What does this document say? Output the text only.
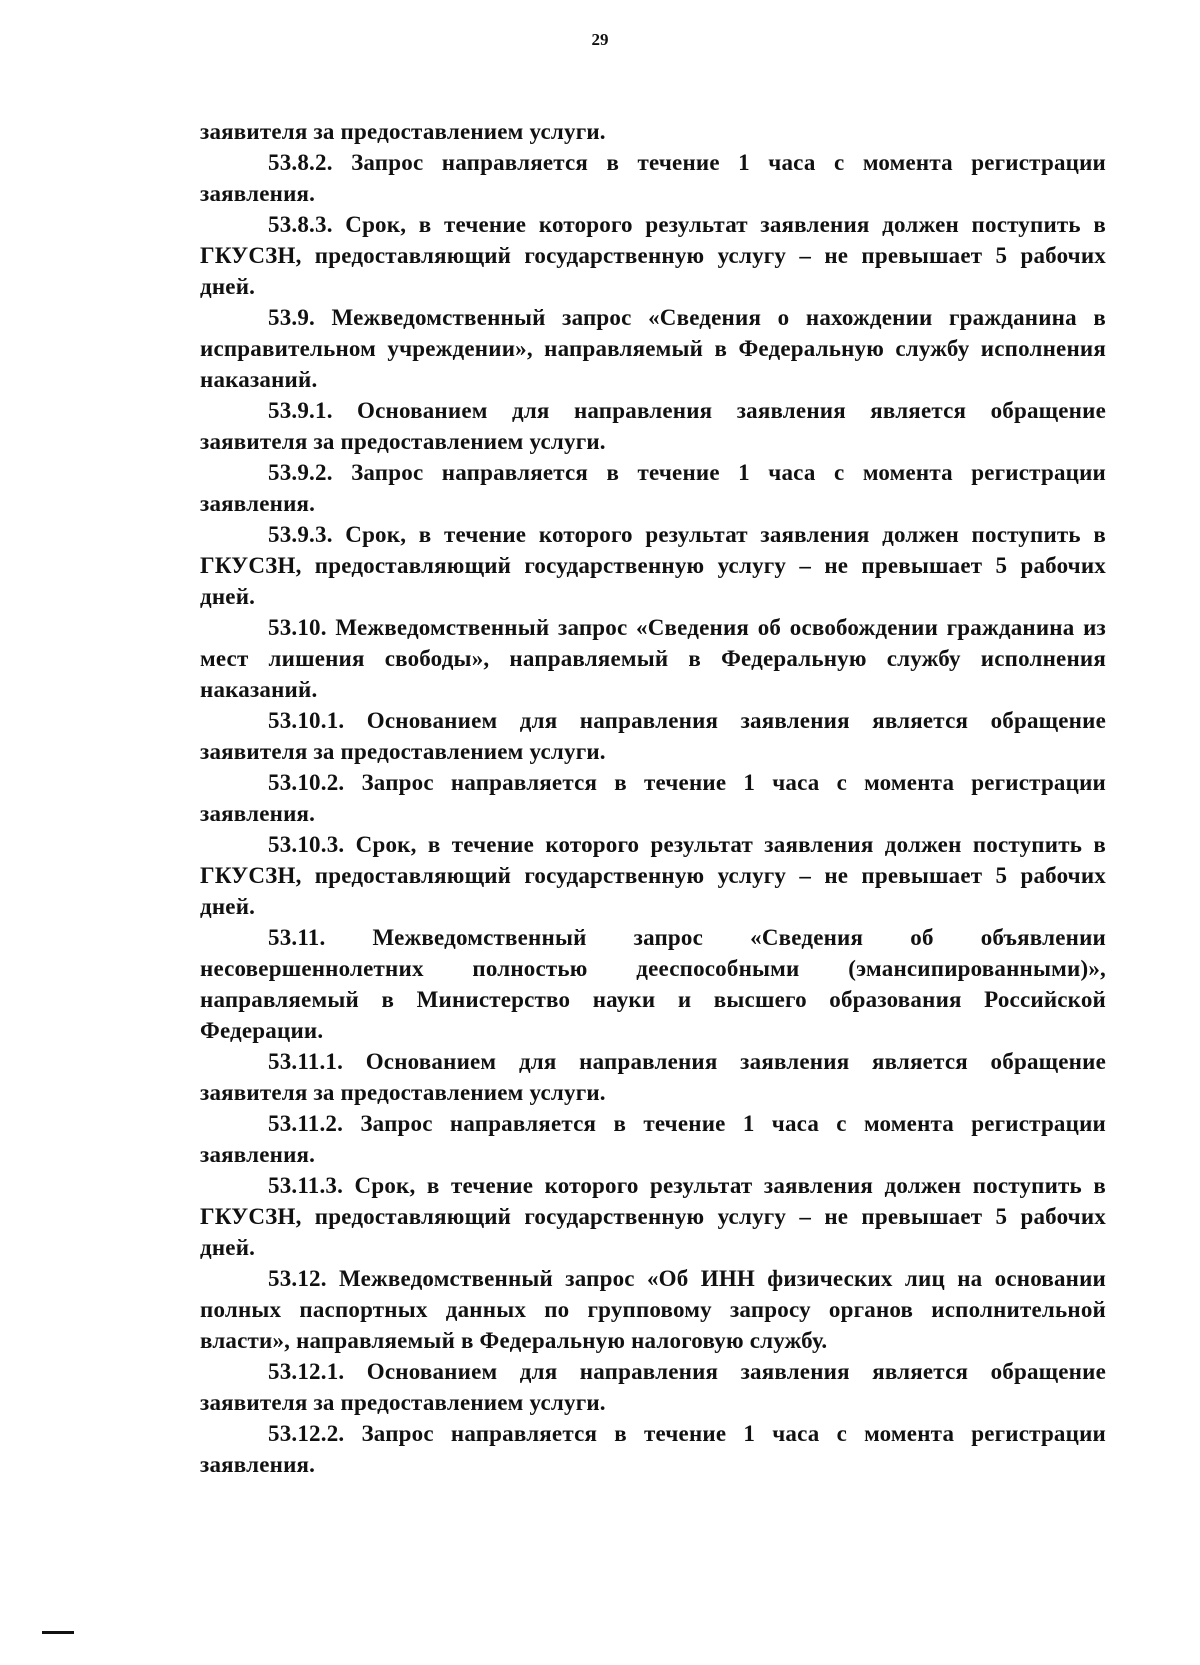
29

заявителя за предоставлением услуги.

53.8.2. Запрос направляется в течение 1 часа с момента регистрации заявления.

53.8.3. Срок, в течение которого результат заявления должен поступить в ГКУСЗН, предоставляющий государственную услугу – не превышает 5 рабочих дней.

53.9. Межведомственный запрос «Сведения о нахождении гражданина в исправительном учреждении», направляемый в Федеральную службу исполнения наказаний.

53.9.1. Основанием для направления заявления является обращение заявителя за предоставлением услуги.

53.9.2. Запрос направляется в течение 1 часа с момента регистрации заявления.

53.9.3. Срок, в течение которого результат заявления должен поступить в ГКУСЗН, предоставляющий государственную услугу – не превышает 5 рабочих дней.

53.10. Межведомственный запрос «Сведения об освобождении гражданина из мест лишения свободы», направляемый в Федеральную службу исполнения наказаний.

53.10.1. Основанием для направления заявления является обращение заявителя за предоставлением услуги.

53.10.2. Запрос направляется в течение 1 часа с момента регистрации заявления.

53.10.3. Срок, в течение которого результат заявления должен поступить в ГКУСЗН, предоставляющий государственную услугу – не превышает 5 рабочих дней.

53.11. Межведомственный запрос «Сведения об объявлении несовершеннолетних полностью дееспособными (эмансипированными)», направляемый в Министерство науки и высшего образования Российской Федерации.

53.11.1. Основанием для направления заявления является обращение заявителя за предоставлением услуги.

53.11.2. Запрос направляется в течение 1 часа с момента регистрации заявления.

53.11.3. Срок, в течение которого результат заявления должен поступить в ГКУСЗН, предоставляющий государственную услугу – не превышает 5 рабочих дней.

53.12. Межведомственный запрос «Об ИНН физических лиц на основании полных паспортных данных по групповому запросу органов исполнительной власти», направляемый в Федеральную налоговую службу.

53.12.1. Основанием для направления заявления является обращение заявителя за предоставлением услуги.

53.12.2. Запрос направляется в течение 1 часа с момента регистрации заявления.
